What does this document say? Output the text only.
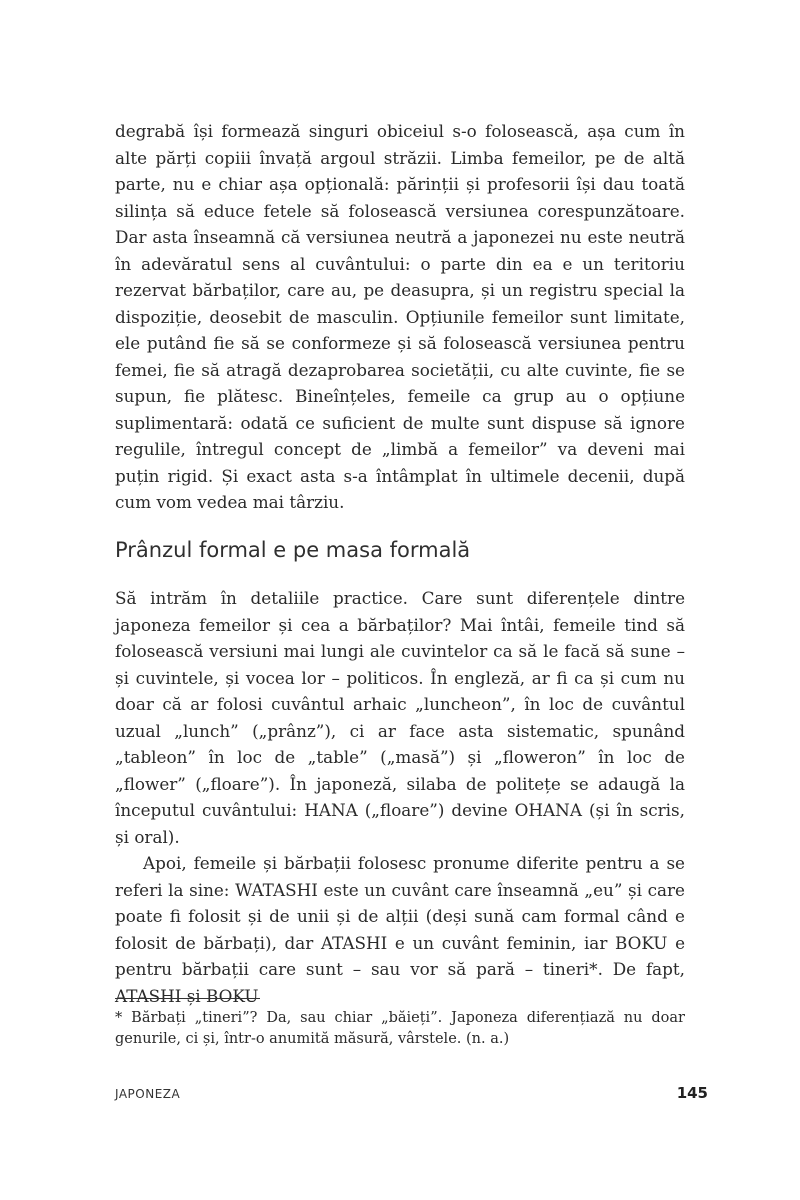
degrabă își formează singuri obiceiul s-o folosească, așa cum în alte părți copiii învață argoul străzii. Limba femeilor, pe de altă parte, nu e chiar așa opțională: părinții și profesorii își dau toată silința să educe fetele să folosească versiunea corespunzătoare. Dar asta înseamnă că versiunea neutră a japonezei nu este neutră în adevăratul sens al cuvântului: o parte din ea e un teritoriu rezervat bărbaților, care au, pe deasupra, și un registru special la dispoziție, deosebit de masculin. Opțiunile femeilor sunt limitate, ele putând fie să se conformeze și să folosească versiunea pentru femei, fie să atragă dezaprobarea societății, cu alte cuvinte, fie se supun, fie plătesc. Bineînțeles, femeile ca grup au o opțiune suplimentară: odată ce suficient de multe sunt dispuse să ignore regulile, întregul concept de „limbă a femeilor” va deveni mai puțin rigid. Și exact asta s-a întâmplat în ultimele decenii, după cum vom vedea mai târziu.

Prânzul formal e pe masa formală

Să intrăm în detaliile practice. Care sunt diferențele dintre japoneza femeilor și cea a bărbaților? Mai întâi, femeile tind să folosească versiuni mai lungi ale cuvintelor ca să le facă să sune – și cuvintele, și vocea lor – politicos. În engleză, ar fi ca și cum nu doar că ar folosi cuvântul arhaic „luncheon”, în loc de cuvântul uzual „lunch” („prânz”), ci ar face asta sistematic, spunând „tableon” în loc de „table” („masă”) și „floweron” în loc de „flower” („floare”). În japoneză, silaba de politețe se adaugă la începutul cuvântului: HANA („floare”) devine OHANA (și în scris, și oral).

Apoi, femeile și bărbații folosesc pronume diferite pentru a se referi la sine: WATASHI este un cuvânt care înseamnă „eu” și care poate fi folosit și de unii și de alții (deși sună cam formal când e folosit de bărbați), dar ATASHI e un cuvânt feminin, iar BOKU e pentru bărbații care sunt – sau vor să pară – tineri*. De fapt, ATASHI și BOKU

* Bărbați „tineri”? Da, sau chiar „băieți”. Japoneza diferențiază nu doar genurile, ci și, într-o anumită măsură, vârstele. (n. a.)
JAPONEZA	145
